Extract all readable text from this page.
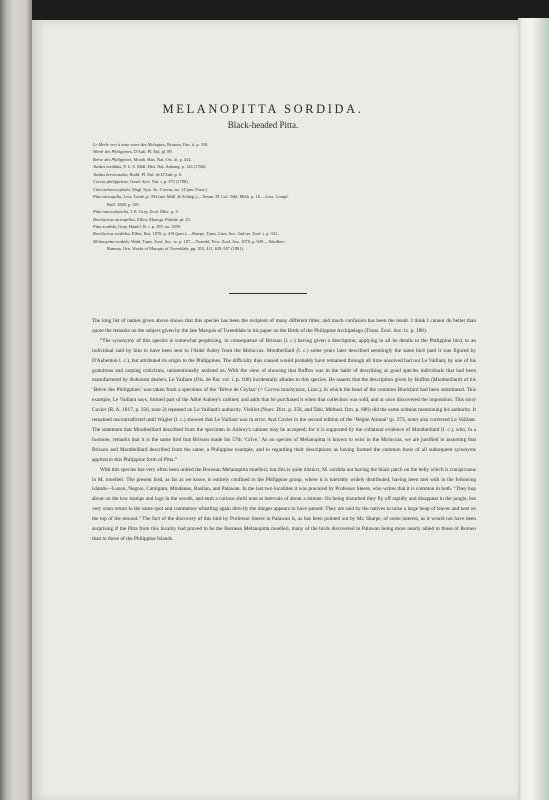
MELANOPITTA SORDIDA.
Black-headed Pitta.
Le Merle vert à teste noire des Moluques, Brisson, Orn. ii. p. 318.
Merle des Philippines, D'Aub. Pl. Enl. pl. 89.
Brève des Philippines, Montb. Hist. Nat. Ois. iii. p. 412.
Turdus sordidus, P. L. S. Müll. Hist. Nat. Anhang. p. 143 (1766).
Turdus brevicaudus, Bodd. Pl. Enl. de D'Aub. p. 6.
Corvus philippensis, Gmel. Syst. Nat. i. p. 373 (1788).
Citta melanocephala, Wagl. Syst. Av. Corvus, no. 14 (nec Forst.).
Pitta atricapilla, Less. Traité, p. 394 (nec Müll. & Schleg.).—Temm. Pl. Col. Tabl. Méth. p. 16.—Less. Compl.
Buff. 1849, p. 501.
Pitta macrorhyncha, J. E. Gray, Zool. Misc. p. 3.
Brachyurus atricapillus, Elliot, Monogr. Pittidæ, pl. 23.
Pitta sordida, Gray, Hand-l. B. i. p. 295, no. 4359.
Brachyurus sordidus, Elliot, Ibis, 1870, p. 419 (part.).—Sharpe, Trans. Linn. Soc. 2nd ser. Zool. i. p. 331.
Melanopitta sordida, Wald. Trans. Zool. Soc. ix. p. 187.—Tweedd. Proc. Zool. Soc. 1878, p. 949.—Wardlaw-
Ramsay, Orn. Works of Marquis of Tweeddale, pp. 353, 411, 639, 657 (1881).

The long list of names given above shows that this species has been the recipient of many different titles; and much confusion has been the result. I think I cannot do better than quote the remarks on the subject given by the late Marquis of Tweeddale in his paper on the Birds of the Philippine Archipelago (Trans. Zool. Soc. ix. p. 188).

“The synonymy of this species is somewhat perplexing, in consequence of Brisson (l. c.) having given a description, applying in all its details to the Philippine bird, to an individual said by him to have been sent to l'Abbé Aubry from the Moluccas. Montbeillard (l. c.) some years later described seemingly the same bird (and it was figured by D'Aubenton l. c.), but attributed its origin to the Philippines. The difficulty thus caused would probably have remained through all time unsolved had not Le Vaillant, by one of his gratuitous and carping criticisms, unintentionally assisted us. With the view of showing that Buffon was in the habit of describing as good species individuals that had been manufactured by dishonest dealers, Le Vaillant (Ois. de Par. vol. i. p. 106) incidentally alludes to this species. He asserts that the description given by Buffon (Montbeillard) of his ‘Brève des Philippines’ was taken from a specimen of the ‘Brève de Ceylan’ (= Corvus brachyurus, Linn.), in which the head of the common Blackbird had been substituted. This example, Le Vaillant says, formed part of the Abbé Aubrey's cabinet; and adds that he purchased it when that collection was sold, and at once discovered the imposition. This story Cuvier (R. A. 1817, p. 356, note 2) repeated on Le Vaillant's authority. Vieillot (Nouv. Dict. p. 358, and Tabl. Méthod. Orn. p. 686) did the same without mentioning his authority. It remained uncontradicted until Wagler (l. c.) showed that Le Vaillant was in error. And Cuvier in the second edition of the ‘Règne Animal’ (p. 373, note) also corrected Le Vaillant. The statement that Montbeillard described from the specimen in Aubrey's cabinet may be accepted; for it is supported by the collateral evidence of Montbeillard (l. c.), who, in a footnote, remarks that it is the same bird that Brisson made his 57th ‘Grive.’ As no species of Melanopitta is known to exist in the Moluccas, we are justified in assuming that Brisson and Montbeillard described from the same, a Philippine example, and in regarding their descriptions as having formed the common basis of all subsequent synonyms applied to this Philippine form of Pitta.”

With this species has very often been united the Bornean Melanopitta muelleri; but this is quite distinct, M. sordida not having the black patch on the belly which is conspicuous in M. muelleri. The present bird, as far as we know, is entirely confined to the Philippine group, where it is tolerably widely distributed, having been met with in the following islands—Luzon, Negros, Camiguin, Mindanao, Basilan, and Palawan. In the last two localities it was procured by Professor Steere, who writes that it is common in both. “They hop about on the low stumps and logs in the woods, and emit a curious shrill note at intervals of about a minute. On being disturbed they fly off rapidly and disappear in the jungle, but very soon return to the same spot and commence whistling again directly the danger appears to have passed. They are said by the natives to raise a large heap of leaves and nest on the top of the mound.” The fact of the discovery of this bird by Professor Steere in Palawan is, as has been pointed out by Mr. Sharpe, of some interest, as it would not have been surprising if the Pitta from this locality had proved to be the Bornean Melanopitta muelleri, many of the birds discovered in Palawan being more nearly allied to those of Borneo than to those of the Philippine Islands.
